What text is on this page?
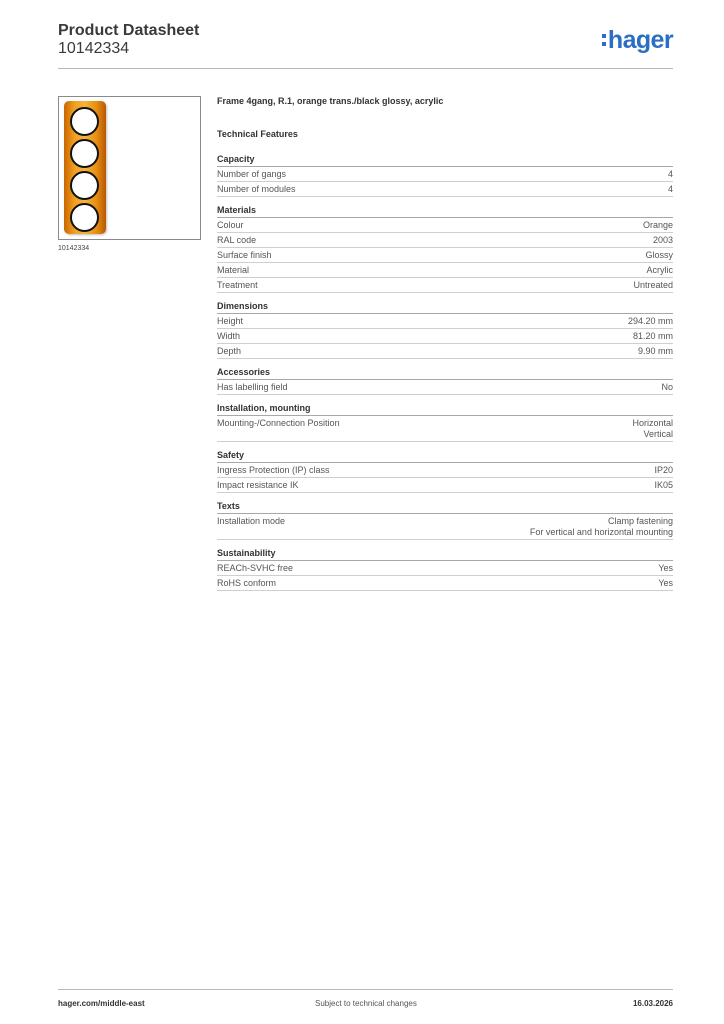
Product Datasheet
10142334	hager
10142334
Frame 4gang, R.1, orange trans./black glossy, acrylic
Technical Features
Capacity
Number of gangs	4
Number of modules	4
Materials
Colour	Orange
RAL code	2003
Surface finish	Glossy
Material	Acrylic
Treatment	Untreated
Dimensions
Height	294.20 mm
Width	81.20 mm
Depth	9.90 mm
Accessories
Has labelling field	No
Installation, mounting
Mounting-/Connection Position	Horizontal
Vertical
Safety
Ingress Protection (IP) class	IP20
Impact resistance IK	IK05
Texts
Installation mode	Clamp fastening
For vertical and horizontal mounting
Sustainability
REACh-SVHC free	Yes
RoHS conform	Yes
hager.com/middle-east	Subject to technical changes	16.03.2026
